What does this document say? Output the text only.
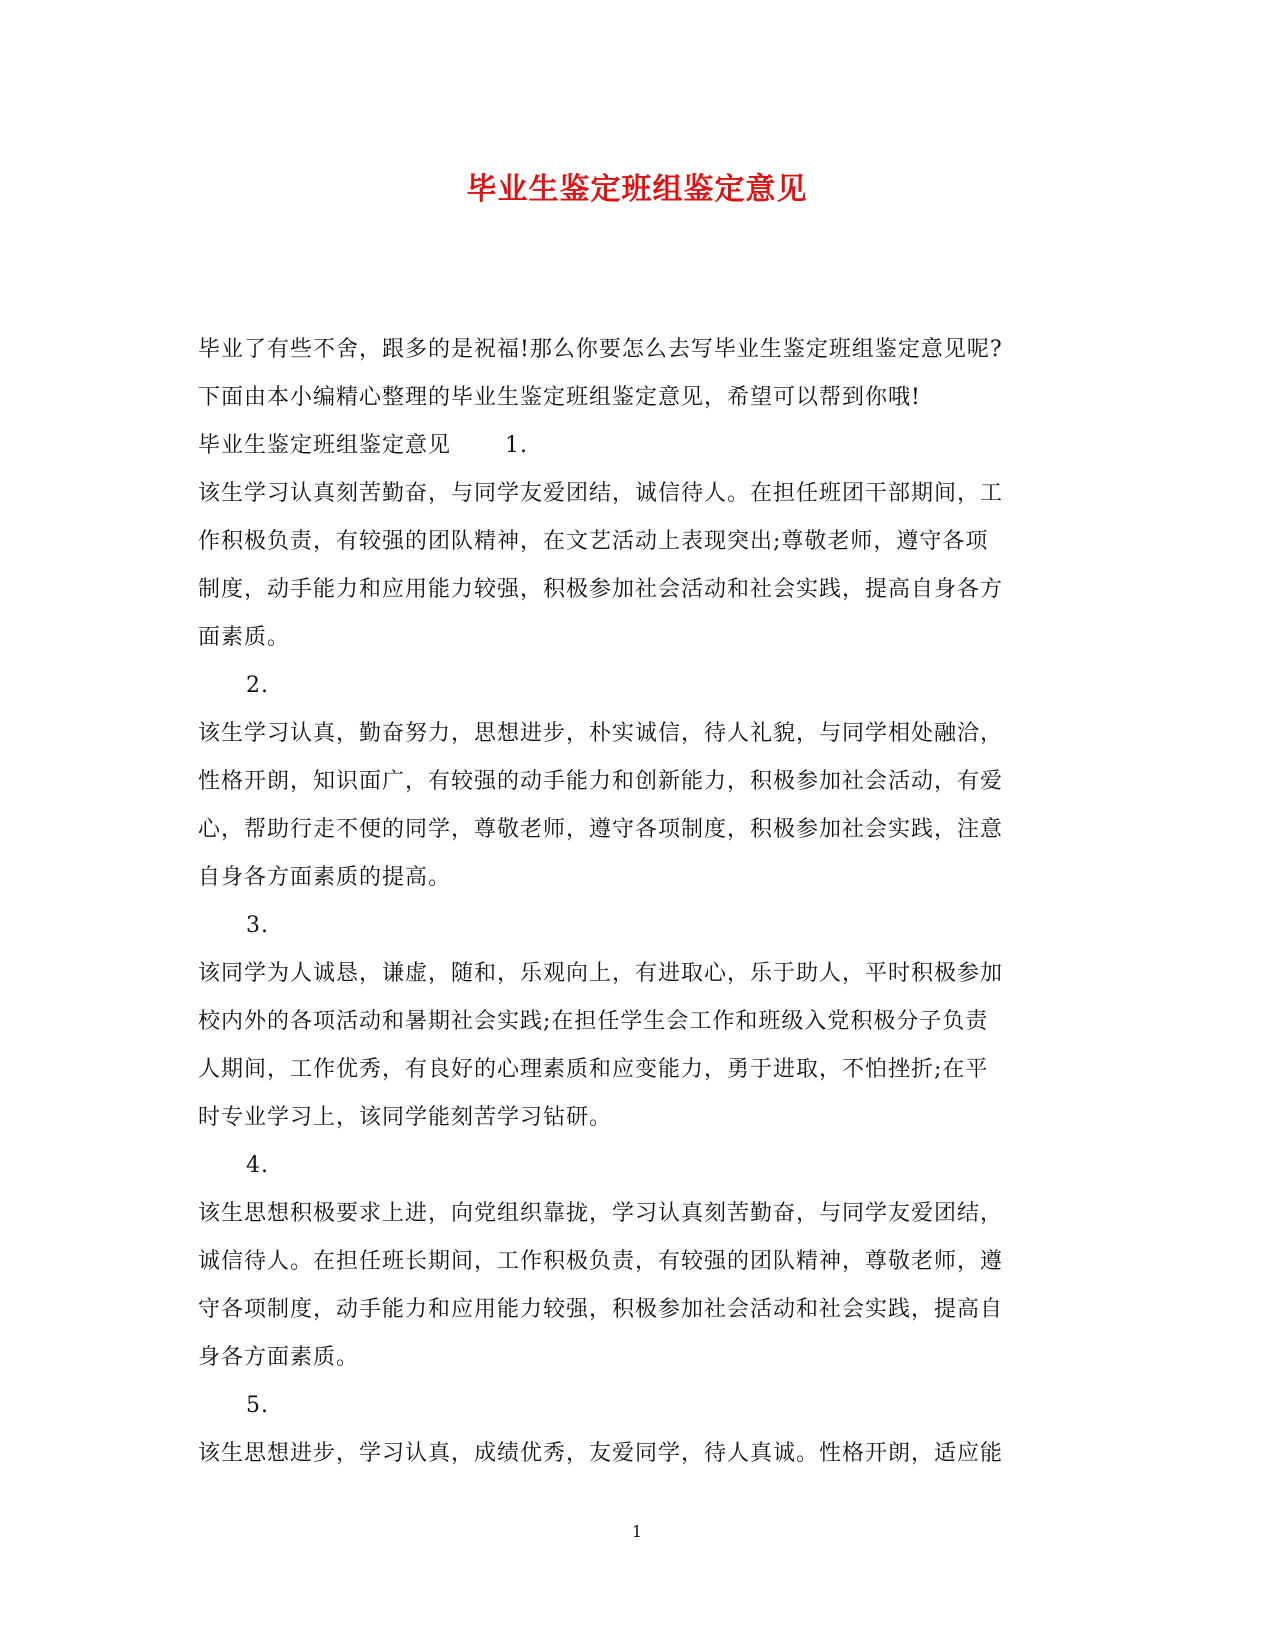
毕业生鉴定班组鉴定意见
毕业了有些不舍，跟多的是祝福!那么你要怎么去写毕业生鉴定班组鉴定意见呢?
下面由本小编精心整理的毕业生鉴定班组鉴定意见，希望可以帮到你哦!
毕业生鉴定班组鉴定意见 1.
该生学习认真刻苦勤奋，与同学友爱团结，诚信待人。在担任班团干部期间，工
作积极负责，有较强的团队精神，在文艺活动上表现突出;尊敬老师，遵守各项
制度，动手能力和应用能力较强，积极参加社会活动和社会实践，提高自身各方
面素质。
2.
该生学习认真，勤奋努力，思想进步，朴实诚信，待人礼貌，与同学相处融洽，
性格开朗，知识面广，有较强的动手能力和创新能力，积极参加社会活动，有爱
心，帮助行走不便的同学，尊敬老师，遵守各项制度，积极参加社会实践，注意
自身各方面素质的提高。
3.
该同学为人诚恳，谦虚，随和，乐观向上，有进取心，乐于助人，平时积极参加
校内外的各项活动和暑期社会实践;在担任学生会工作和班级入党积极分子负责
人期间，工作优秀，有良好的心理素质和应变能力，勇于进取，不怕挫折;在平
时专业学习上，该同学能刻苦学习钻研。
4.
该生思想积极要求上进，向党组织靠拢，学习认真刻苦勤奋，与同学友爱团结，
诚信待人。在担任班长期间，工作积极负责，有较强的团队精神，尊敬老师，遵
守各项制度，动手能力和应用能力较强，积极参加社会活动和社会实践，提高自
身各方面素质。
5.
该生思想进步，学习认真，成绩优秀，友爱同学，待人真诚。性格开朗，适应能
1
